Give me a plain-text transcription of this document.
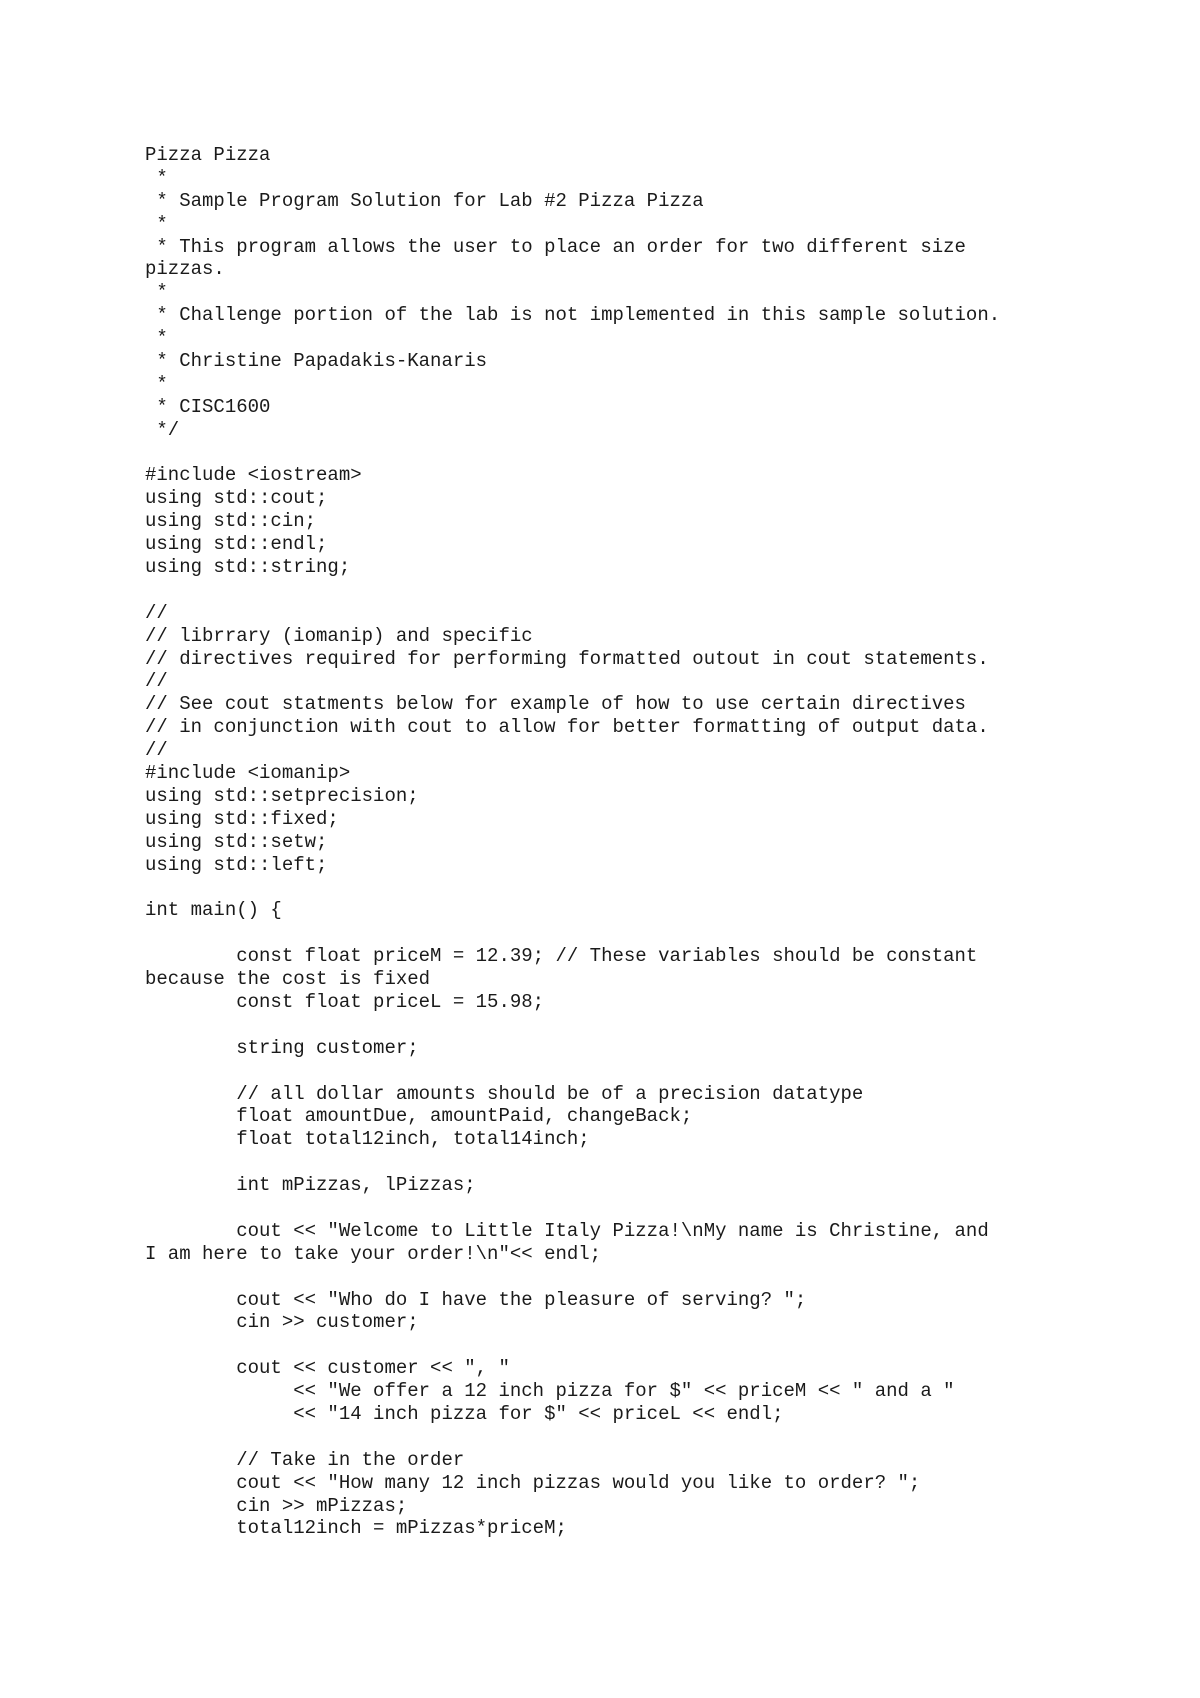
Pizza Pizza
*
* Sample Program Solution for Lab #2 Pizza Pizza
*
* This program allows the user to place an order for two different size
pizzas.
*
* Challenge portion of the lab is not implemented in this sample solution.
*
* Christine Papadakis-Kanaris
*
* CISC1600
*/
#include <iostream>
using std::cout;
using std::cin;
using std::endl;
using std::string;
//
// librrary (iomanip) and specific
// directives required for performing formatted outout in cout statements.
//
// See cout statments below for example of how to use certain directives
// in conjunction with cout to allow for better formatting of output data.
//
#include <iomanip>
using std::setprecision;
using std::fixed;
using std::setw;
using std::left;
int main() {
const float priceM = 12.39; // These variables should be constant
because the cost is fixed
const float priceL = 15.98;
string customer;
// all dollar amounts should be of a precision datatype
float amountDue, amountPaid, changeBack;
float total12inch, total14inch;
int mPizzas, lPizzas;
cout << "Welcome to Little Italy Pizza!\nMy name is Christine, and
I am here to take your order!\n"<< endl;
cout << "Who do I have the pleasure of serving? ";
cin >> customer;
cout << customer << ", "
<< "We offer a 12 inch pizza for $" << priceM << " and a "
<< "14 inch pizza for $" << priceL << endl;
// Take in the order
cout << "How many 12 inch pizzas would you like to order? ";
cin >> mPizzas;
total12inch = mPizzas*priceM;
